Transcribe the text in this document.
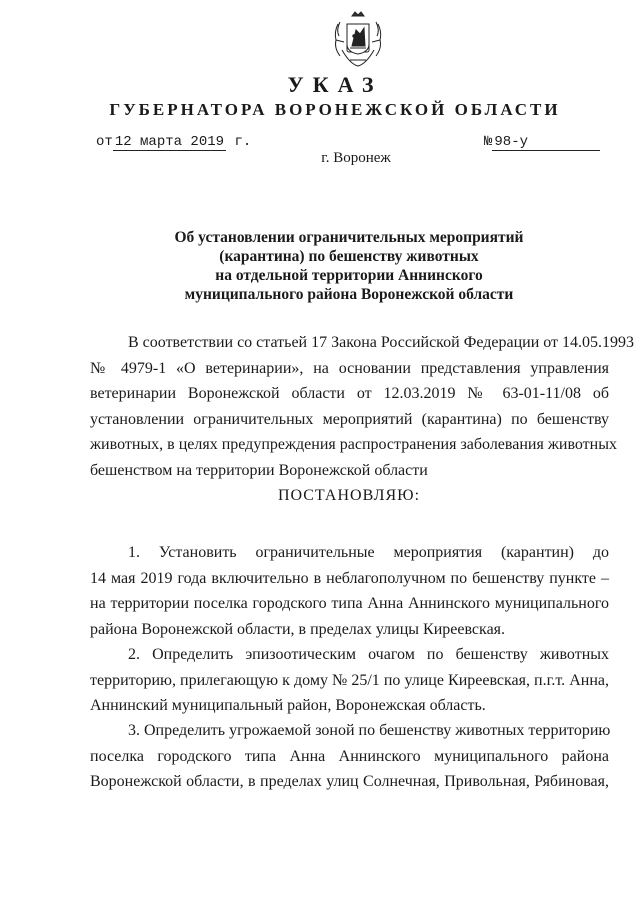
УКАЗ
ГУБЕРНАТОРА ВОРОНЕЖСКОЙ ОБЛАСТИ
от 12 марта 2019 г.	№ 98-у
г. Воронеж
Об установлении ограничительных мероприятий
(карантина) по бешенству животных
на отдельной территории Аннинского
муниципального района Воронежской области
В соответствии со статьей 17 Закона Российской Федерации от 14.05.1993
№ 4979-1 «О ветеринарии», на основании представления управления
ветеринарии Воронежской области от 12.03.2019 № 63-01-11/08 об
установлении ограничительных мероприятий (карантина) по бешенству
животных, в целях предупреждения распространения заболевания животных
бешенством на территории Воронежской области
ПОСТАНОВЛЯЮ:
1. Установить ограничительные мероприятия (карантин) до
14 мая 2019 года включительно в неблагополучном по бешенству пункте –
на территории поселка городского типа Анна Аннинского муниципального
района Воронежской области, в пределах улицы Киреевская.
2. Определить эпизоотическим очагом по бешенству животных
территорию, прилегающую к дому № 25/1 по улице Киреевская, п.г.т. Анна,
Аннинский муниципальный район, Воронежская область.
3. Определить угрожаемой зоной по бешенству животных территорию
поселка городского типа Анна Аннинского муниципального района
Воронежской области, в пределах улиц Солнечная, Привольная, Рябиновая,
